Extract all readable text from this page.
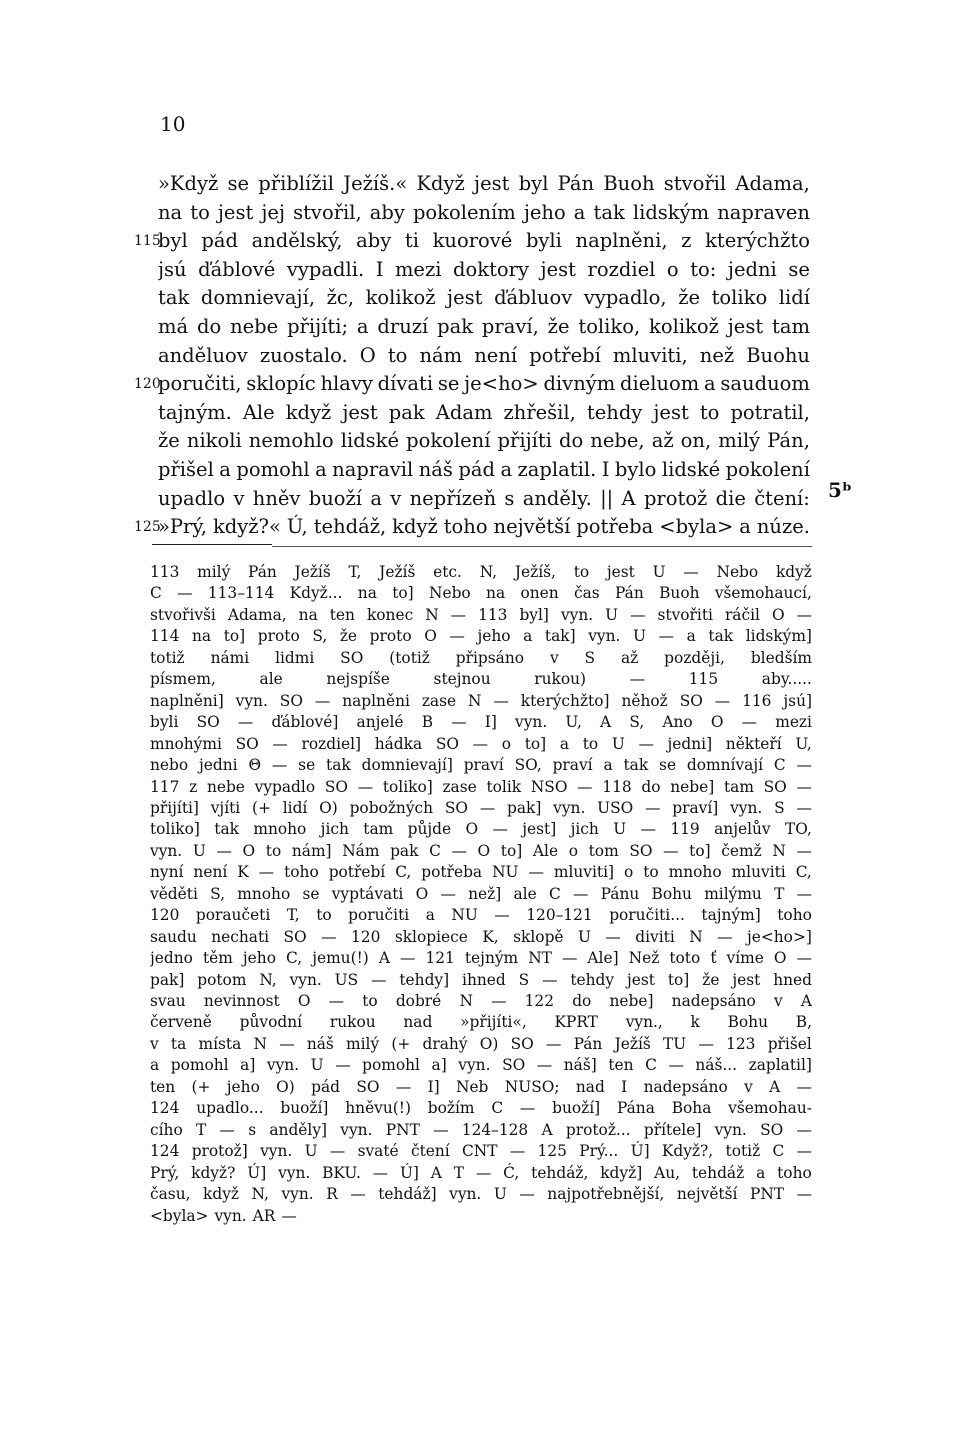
10
»Když se přiblížil Ježíš.« Když jest byl Pán Buoh stvořil Adama,
na to jest jej stvořil, aby pokolením jeho a tak lidským napraven
byl pád andělský, aby ti kuorové byli naplněni, z kterýchžto
115
jsú ďáblové vypadli. I mezi doktory jest rozdiel o to: jedni se
tak domnievají, žc, kolikož jest ďábluov vypadlo, že toliko lidí
má do nebe přijíti; a druzí pak praví, že toliko, kolikož jest tam
anděluov zuostalo. O to nám není potřebí mluviti, než Buohu
poručiti, sklopíc hlavy dívati se je<ho> divným dieluom a sauduom
120
tajným. Ale když jest pak Adam zhřešil, tehdy jest to potratil,
že nikoli nemohlo lidské pokolení přijíti do nebe, až on, milý Pán,
přišel a pomohl a napravil náš pád a zaplatil. I bylo lidské pokolení
upadlo v hněv buoží a v nepřízeň s anděly. || A protož die čtení:
»Prý, když?« Ú, tehdáž, když toho největší potřeba <byla> a núze.
125
5ᵇ
113 milý Pán Ježíš T, Ježíš etc. N, Ježíš, to jest U — Nebo když
C — 113–114 Když... na to] Nebo na onen čas Pán Buoh všemohaucí,
stvořivši Adama, na ten konec N — 113 byl] vyn. U — stvořiti ráčil O —
114 na to] proto S, že proto O — jeho a tak] vyn. U — a tak lidským]
totiž námi lidmi SO (totiž připsáno v S až později, bledším
písmem,	ale	nejspíše	stejnou	rukou)	—	115	aby.....
naplněni] vyn. SO — naplněni zase N — kterýchžto] něhož SO — 116 jsú]
byli SO — ďáblové] anjelé B — I] vyn. U, A S, Ano O — mezi
mnohými SO — rozdiel] hádka SO — o to] a to U — jedni] někteří U,
nebo jedni Θ — se tak domnievají] praví SO, praví a tak se domnívají C —
117 z nebe vypadlo SO — toliko] zase tolik NSO — 118 do nebe] tam SO —
přijíti] vjíti (+ lidí O) pobožných SO — pak] vyn. USO — praví] vyn. S —
toliko] tak mnoho jich tam půjde O — jest] jich U — 119 anjelův TO,
vyn. U — O to nám] Nám pak C — O to] Ale o tom SO — to] čemž N —
nyní není K — toho potřebí C, potřeba NU — mluviti] o to mnoho mluviti C,
věděti S, mnoho se vyptávati O — než] ale C — Pánu Bohu milýmu T —
120 poraučeti T, to poručiti a NU — 120–121 poručiti... tajným] toho
saudu nechati SO — 120 sklopiece K, sklopě U — diviti N — je<ho>]
jedno těm jeho C, jemu(!) A — 121 tejným NT — Ale] Než toto ť víme O —
pak] potom N, vyn. US — tehdy] ihned S — tehdy jest to] že jest hned
svau nevinnost O — to dobré N — 122 do nebe] nadepsáno v A
červeně původní rukou nad »přijíti«, KPRT vyn., k Bohu B,
v ta místa N — náš milý (+ drahý O) SO — Pán Ježíš TU — 123 přišel
a pomohl a] vyn. U — pomohl a] vyn. SO — náš] ten C — náš... zaplatil]
ten (+ jeho O) pád SO — I] Neb NUSO; nad I nadepsáno v A —
124 upadlo... buoží] hněvu(!) božím C — buoží] Pána Boha všemohau-
cího T — s anděly] vyn. PNT — 124–128 A protož... přítele] vyn. SO —
124 protož] vyn. U — svaté čtení CNT — 125 Prý... Ú] Když?, totiž C —
Prý, když? Ú] vyn. BKU. — Ú] A T — Ć, tehdáž, když] Au, tehdáž a toho
času, když N, vyn. R — tehdáž] vyn. U — najpotřebnější, největší PNT —
<byla> vyn. AR —
